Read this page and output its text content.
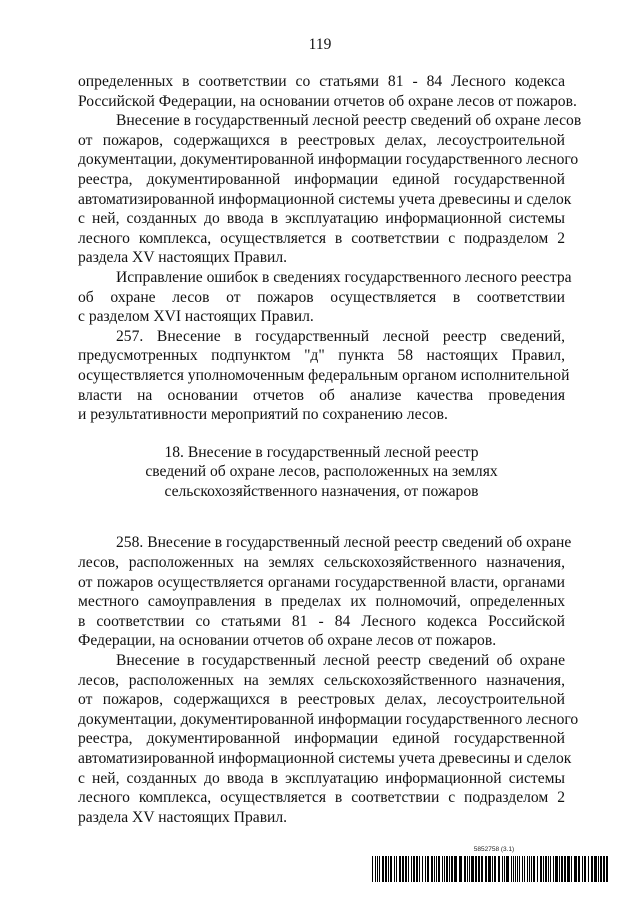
119
определенных в соответствии со статьями 81 - 84 Лесного кодекса
Российской Федерации, на основании отчетов об охране лесов от пожаров.
Внесение в государственный лесной реестр сведений об охране лесов
от пожаров, содержащихся в реестровых делах, лесоустроительной
документации, документированной информации государственного лесного
реестра, документированной информации единой государственной
автоматизированной информационной системы учета древесины и сделок
с ней, созданных до ввода в эксплуатацию информационной системы
лесного комплекса, осуществляется в соответствии с подразделом 2
раздела XV настоящих Правил.
Исправление ошибок в сведениях государственного лесного реестра
об охране лесов от пожаров осуществляется в соответствии
с разделом XVI настоящих Правил.
257. Внесение в государственный лесной реестр сведений,
предусмотренных подпунктом "д" пункта 58 настоящих Правил,
осуществляется уполномоченным федеральным органом исполнительной
власти на основании отчетов об анализе качества проведения
и результативности мероприятий по сохранению лесов.
18. Внесение в государственный лесной реестр
сведений об охране лесов, расположенных на землях
сельскохозяйственного назначения, от пожаров
258. Внесение в государственный лесной реестр сведений об охране
лесов, расположенных на землях сельскохозяйственного назначения,
от пожаров осуществляется органами государственной власти, органами
местного самоуправления в пределах их полномочий, определенных
в соответствии со статьями 81 - 84 Лесного кодекса Российской
Федерации, на основании отчетов об охране лесов от пожаров.
Внесение в государственный лесной реестр сведений об охране
лесов, расположенных на землях сельскохозяйственного назначения,
от пожаров, содержащихся в реестровых делах, лесоустроительной
документации, документированной информации государственного лесного
реестра, документированной информации единой государственной
автоматизированной информационной системы учета древесины и сделок
с ней, созданных до ввода в эксплуатацию информационной системы
лесного комплекса, осуществляется в соответствии с подразделом 2
раздела XV настоящих Правил.
5852758 (3.1)
